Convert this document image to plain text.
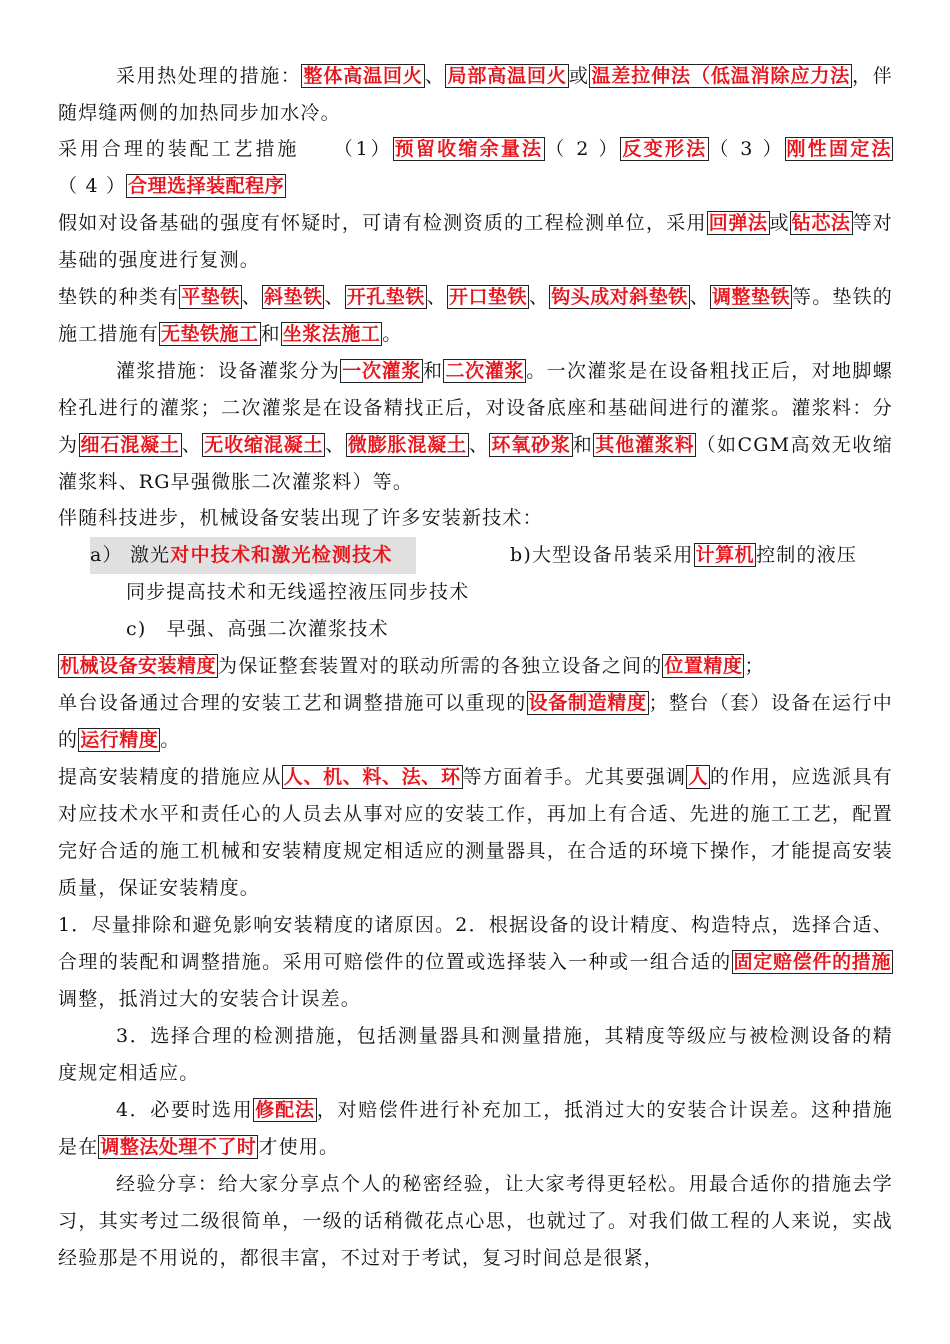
采用热处理的措施： 整体高温回火 、 局部高温回火 或 温差拉伸法（低温消除应力法 ，伴随焊缝两侧的加热同步加水冷。
采用合理的装配工艺措施　　（1） 预留收缩余量法 （ 2 ） 反变形法 （ 3 ） 刚性固定法（ 4 ） 合理选择装配程序
假如对设备基础的强度有怀疑时，可请有检测资质的工程检测单位，采用 回弹法 或 钻芯法 等对基础的强度进行复测。
垫铁的种类有 平垫铁 、 斜垫铁 、 开孔垫铁 、 开口垫铁 、 钩头成对斜垫铁 、 调整垫铁 等。垫铁的施工措施有 无垫铁施工 和 坐浆法施工 。
灌浆措施：设备灌浆分为 一次灌浆 和 二次灌浆 。一次灌浆是在设备粗找正后，对地脚螺栓孔进行的灌浆；二次灌浆是在设备精找正后，对设备底座和基础间进行的灌浆。灌浆料：分为 细石混凝土 、 无收缩混凝土 、 微膨胀混凝土 、 环氧砂浆 和 其他灌浆料 （如CGM高效无收缩灌浆料、RG早强微胀二次灌浆料）等。
伴随科技进步，机械设备安装出现了许多安装新技术：
a） 激光对中技术和激光检测技术	b)大型设备吊装采用 计算机 控制的液压
同步提高技术和无线遥控液压同步技术
c)　早强、高强二次灌浆技术
机械设备安装精度 为保证整套装置对的联动所需的各独立设备之间的 位置精度 ；
单台设备通过合理的安装工艺和调整措施可以重现的 设备制造精度 ；整台（套）设备在运行中的 运行精度 。
提高安装精度的措施应从 人、机、料、法、环 等方面着手。尤其要强调 人 的作用，应选派具有对应技术水平和责任心的人员去从事对应的安装工作，再加上有合适、先进的施工工艺，配置完好合适的施工机械和安装精度规定相适应的测量器具，在合适的环境下操作，才能提高安装质量，保证安装精度。
1．尽量排除和避免影响安装精度的诸原因。2．根据设备的设计精度、构造特点，选择合适、合理的装配和调整措施。采用可赔偿件的位置或选择装入一种或一组合适的 固定赔偿件的措施调整，抵消过大的安装合计误差。
3．选择合理的检测措施，包括测量器具和测量措施，其精度等级应与被检测设备的精度规定相适应。
4．必要时选用 修配法 ，对赔偿件进行补充加工，抵消过大的安装合计误差。这种措施是在 调整法处理不了时 才使用。
经验分享：给大家分享点个人的秘密经验，让大家考得更轻松。用最合适你的措施去学习，其实考过二级很简单，一级的话稍微花点心思，也就过了。对我们做工程的人来说，实战经验那是不用说的，都很丰富，不过对于考试，复习时间总是很紧，
